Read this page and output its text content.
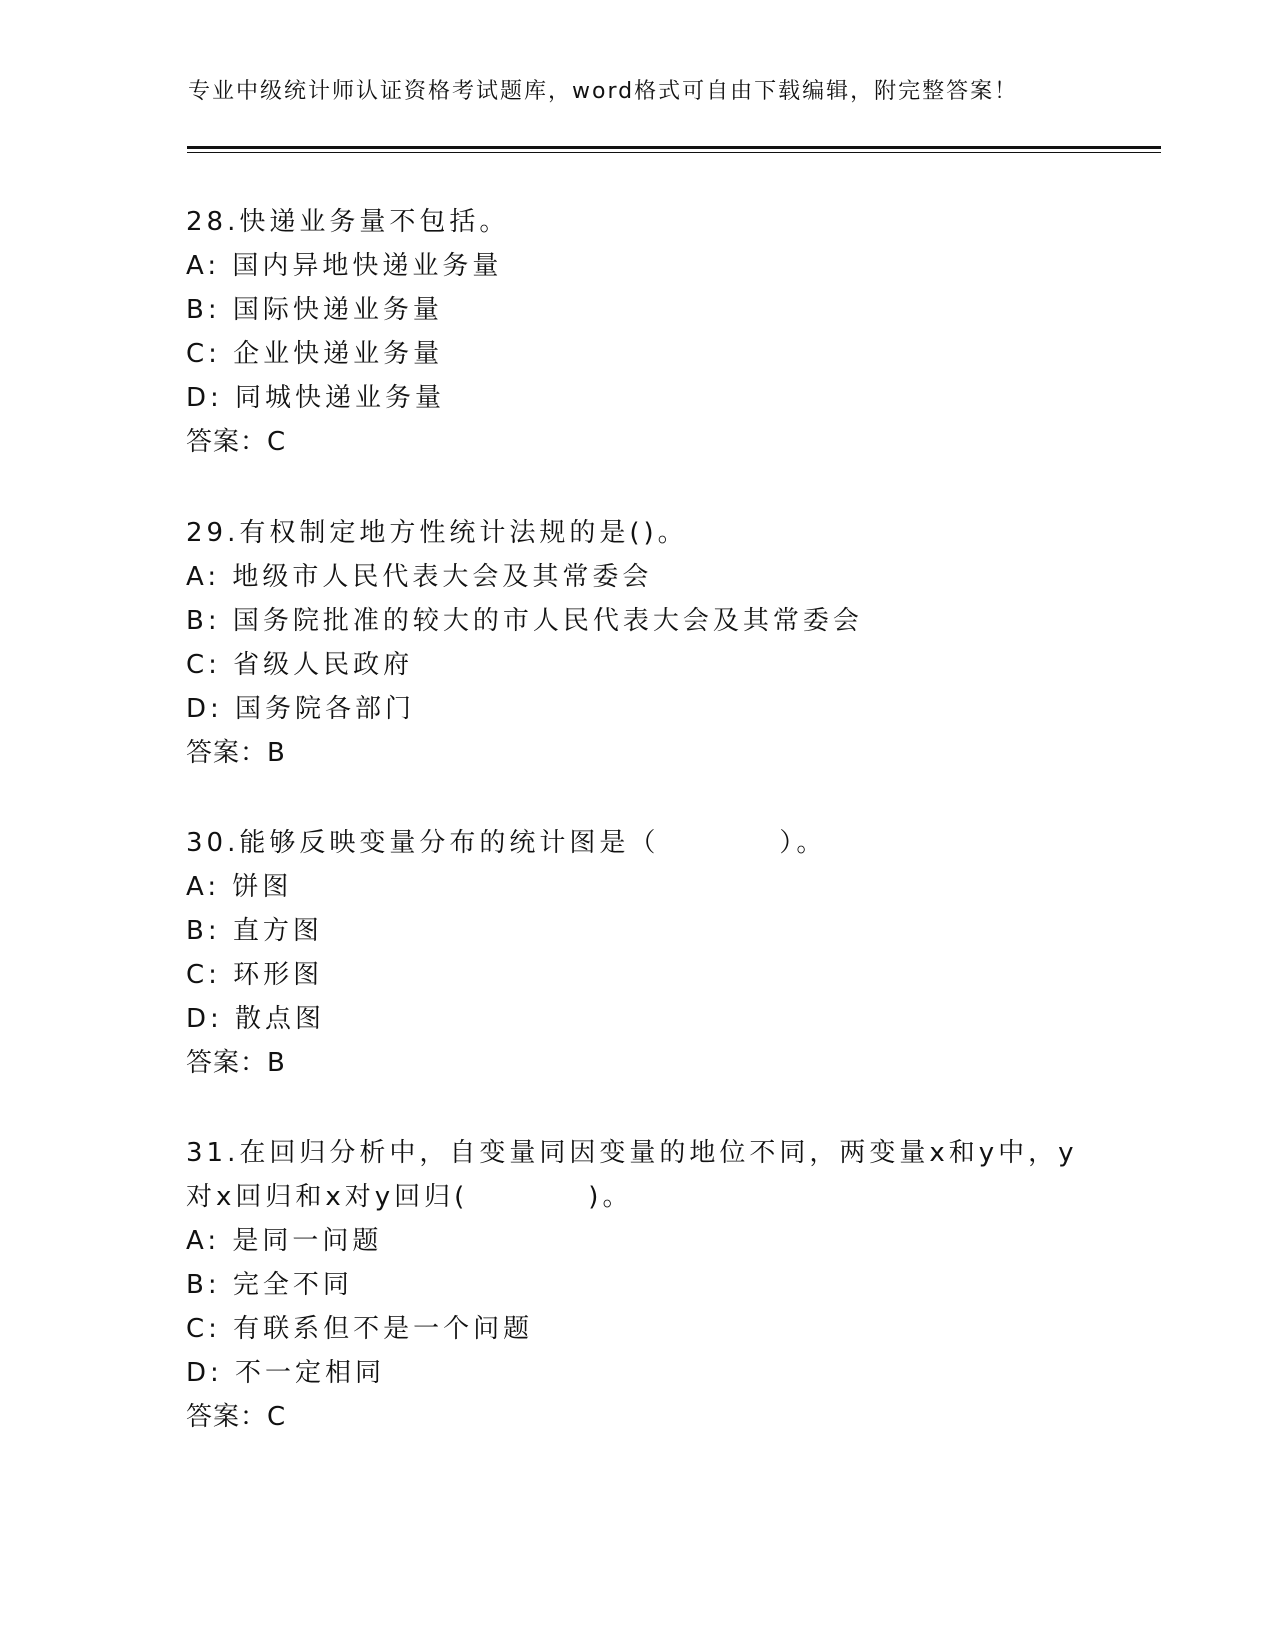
专业中级统计师认证资格考试题库，word格式可自由下载编辑，附完整答案！
28.快递业务量不包括。
A: 国内异地快递业务量
B: 国际快递业务量
C: 企业快递业务量
D: 同城快递业务量
答案：C
29.有权制定地方性统计法规的是()。
A: 地级市人民代表大会及其常委会
B: 国务院批准的较大的市人民代表大会及其常委会
C: 省级人民政府
D: 国务院各部门
答案：B
30.能够反映变量分布的统计图是（　　　　）。
A: 饼图
B: 直方图
C: 环形图
D: 散点图
答案：B
31.在回归分析中，自变量同因变量的地位不同，两变量x和y中，y
对x回归和x对y回归(　　　　)。
A: 是同一问题
B: 完全不同
C: 有联系但不是一个问题
D: 不一定相同
答案：C
